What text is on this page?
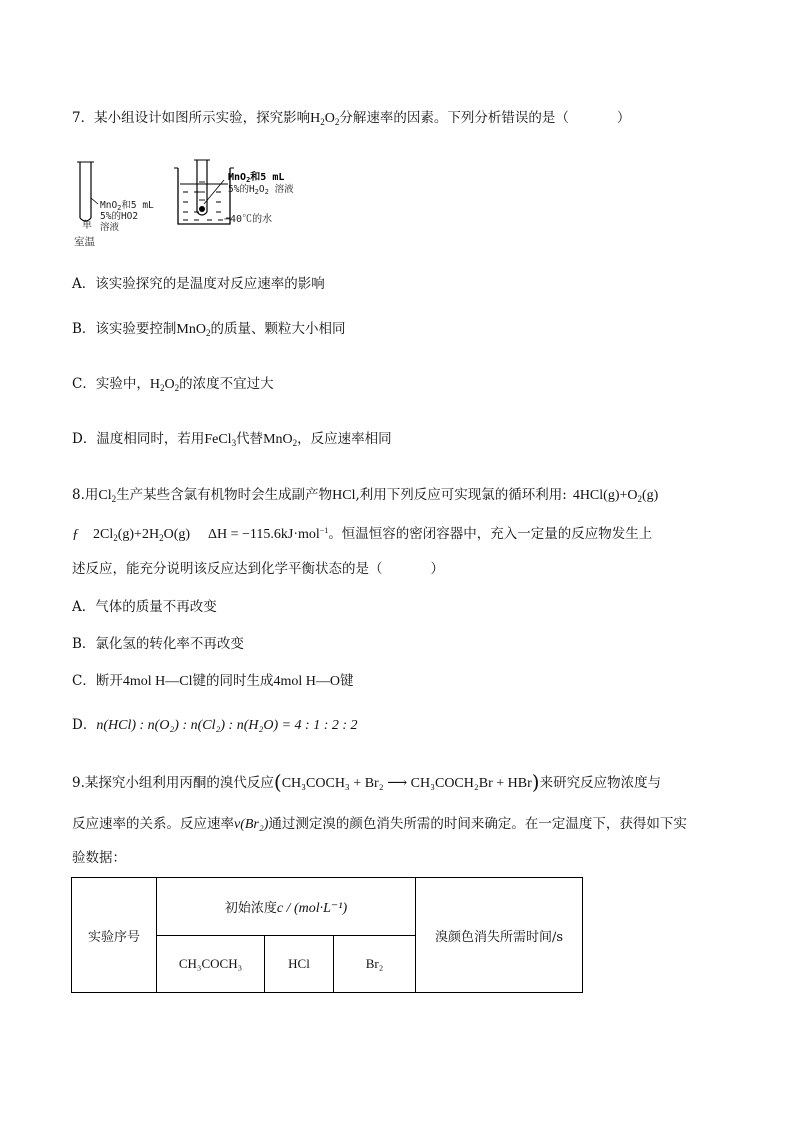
7．某小组设计如图所示实验，探究影响$H_2O_2$分解速率的因素。下列分析错误的是（	）
MnO$_2$和5 mL
5%的HO2
溶液
单
室温
MnO$_2$和5 mL
5%的$H_2O_2$ 溶液
−40℃的水
A．该实验探究的是温度对反应速率的影响
B．该实验要控制MnO$_2$的质量、颗粒大小相同
C．实验中，$H_2O_2$的浓度不宜过大
D．温度相同时，若用FeCl$_3$代替MnO$_2$，反应速率相同
8.用$Cl_2$生产某些含氯有机物时会生成副产物HCl,利用下列反应可实现氯的循环利用: $4HCl(g)+O_2(g)$
ƒ $2Cl_2(g)+2H_2O(g) \Delta H = -115.6kJ\cdot mol^{-1}$。恒温恒容的密闭容器中，充入一定量的反应物发生上
述反应，能充分说明该反应达到化学平衡状态的是（	）
A．气体的质量不再改变
B．氯化氢的转化率不再改变
C．断开4mol H—Cl键的同时生成4mol H—O键
D．n(HCl) : n(O₂) : n(Cl₂) : n(H₂O) = 4 : 1 : 2 : 2
9.某探究小组利用丙酮的溴代反应(CH₃COCH₃ + Br₂ ⟶ CH₃COCH₂Br + HBr)来研究反应物浓度与
反应速率的关系。反应速率v(Br₂)通过测定溴的颜色消失所需的时间来确定。在一定温度下，获得如下实
验数据：
实验序号	初始浓度c / (mol·L⁻¹)			溴颜色消失所需时间/s
	CH₃COCH₃	HCl	Br₂	
